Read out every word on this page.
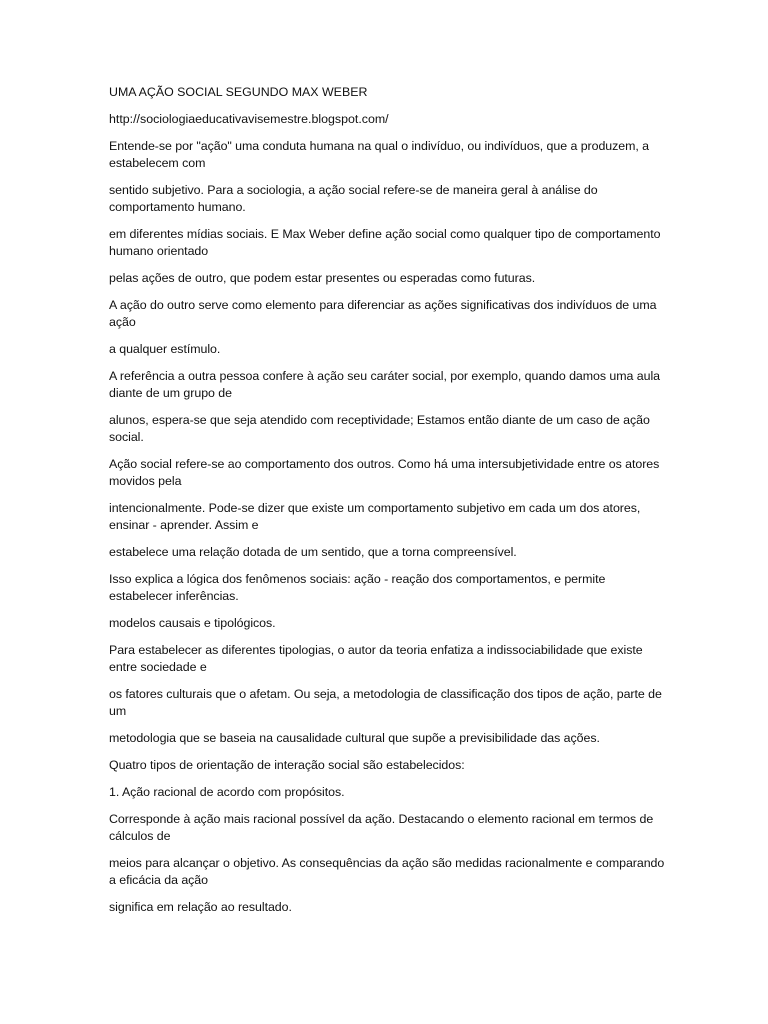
UMA AÇÃO SOCIAL SEGUNDO MAX WEBER
http://sociologiaeducativavisemestre.blogspot.com/

Entende-se por "ação" uma conduta humana na qual o indivíduo, ou indivíduos, que a produzem, a estabelecem com

sentido subjetivo. Para a sociologia, a ação social refere-se de maneira geral à análise do comportamento humano.

em diferentes mídias sociais. E Max Weber define ação social como qualquer tipo de comportamento humano orientado

pelas ações de outro, que podem estar presentes ou esperadas como futuras.

A ação do outro serve como elemento para diferenciar as ações significativas dos indivíduos de uma ação

a qualquer estímulo.

A referência a outra pessoa confere à ação seu caráter social, por exemplo, quando damos uma aula diante de um grupo de

alunos, espera-se que seja atendido com receptividade; Estamos então diante de um caso de ação social.

Ação social refere-se ao comportamento dos outros. Como há uma intersubjetividade entre os atores movidos pela

intencionalmente. Pode-se dizer que existe um comportamento subjetivo em cada um dos atores, ensinar - aprender. Assim e

estabelece uma relação dotada de um sentido, que a torna compreensível.

Isso explica a lógica dos fenômenos sociais: ação - reação dos comportamentos, e permite estabelecer inferências.

modelos causais e tipológicos.

Para estabelecer as diferentes tipologias, o autor da teoria enfatiza a indissociabilidade que existe entre sociedade e

os fatores culturais que o afetam. Ou seja, a metodologia de classificação dos tipos de ação, parte de um

metodologia que se baseia na causalidade cultural que supõe a previsibilidade das ações.

Quatro tipos de orientação de interação social são estabelecidos:

1. Ação racional de acordo com propósitos.

Corresponde à ação mais racional possível da ação. Destacando o elemento racional em termos de cálculos de

meios para alcançar o objetivo. As consequências da ação são medidas racionalmente e comparando a eficácia da ação

significa em relação ao resultado.
